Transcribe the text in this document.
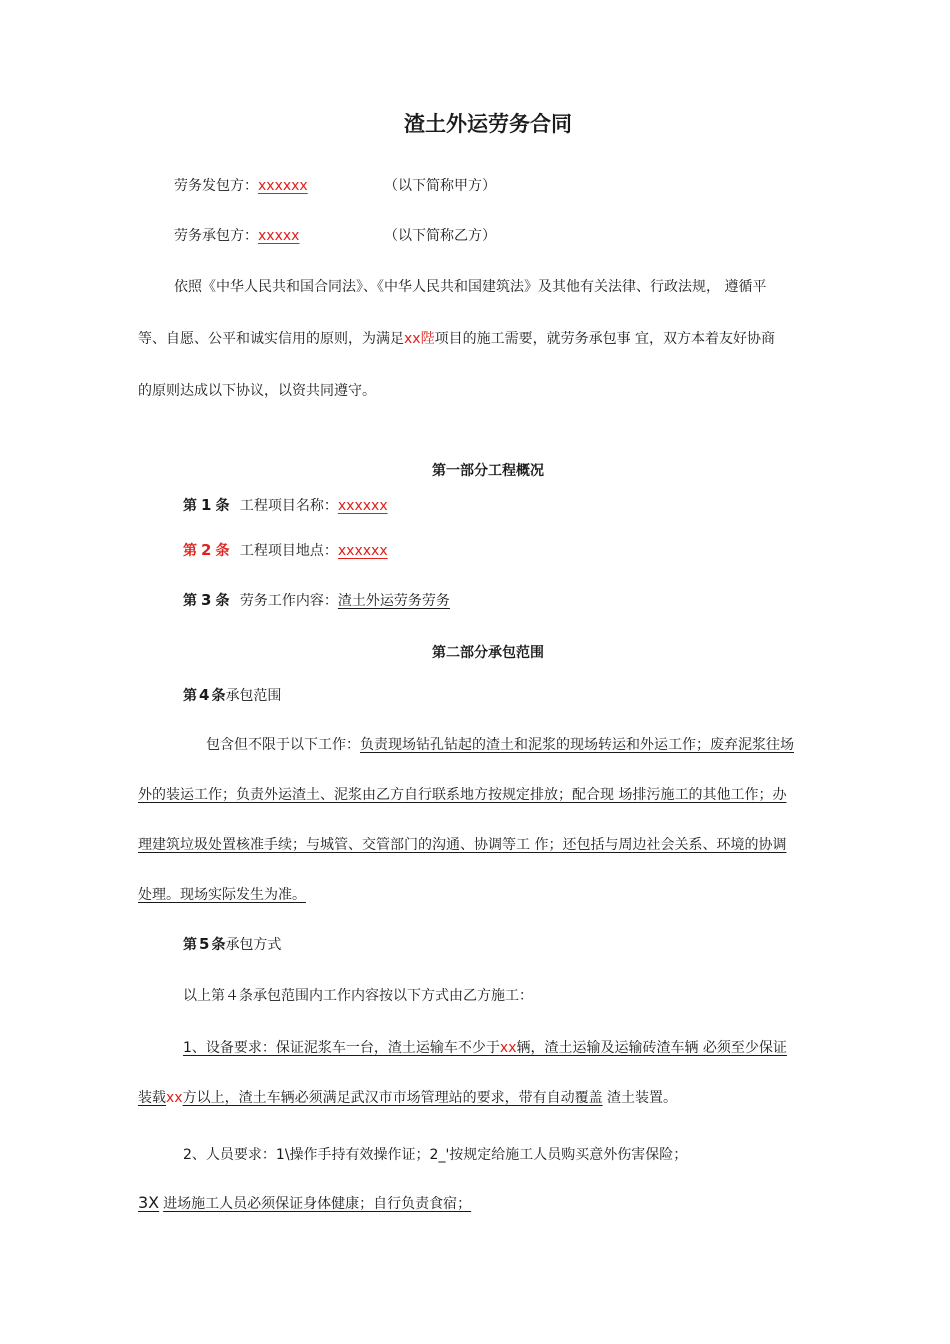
渣土外运劳务合同
劳务发包方：xxxxxx	（以下简称甲方）
劳务承包方：xxxxx	（以下简称乙方）
依照《中华人民共和国合同法》、《中华人民共和国建筑法》及其他有关法律、行政法规， 遵循平
等、自愿、公平和诚实信用的原则，为满足xx陛项目的施工需要，就劳务承包事 宜，双方本着友好协商
的原则达成以下协议，以资共同遵守。
第一部分工程概况
第 1 条 工程项目名称：xxxxxx
第 2 条 工程项目地点：xxxxxx
第 3 条 劳务工作内容：渣土外运劳务劳务
第二部分承包范围
第 4 条承包范围
包含但不限于以下工作：负责现场钻孔钻起的渣土和泥浆的现场转运和外运工作；废弃泥浆往场
外的装运工作；负责外运渣土、泥浆由乙方自行联系地方按规定排放；配合现 场排污施工的其他工作；办
理建筑垃圾处置核准手续；与城管、交管部门的沟通、协调等工 作；还包括与周边社会关系、环境的协调
处理。现场实际发生为准。
第 5 条承包方式
以上第４条承包范围内工作内容按以下方式由乙方施工：
1、设备要求：保证泥浆车一台，渣土运输车不少于xx辆，渣土运输及运输砖渣车辆 必须至少保证
装载xx方以上，渣土车辆必须满足武汉市市场管理站的要求，带有自动覆盖 渣土装置。
2、人员要求：1\操作手持有效操作证；2_'按规定给施工人员购买意外伤害保险；
3X 进场施工人员必须保证身体健康；自行负责食宿；
